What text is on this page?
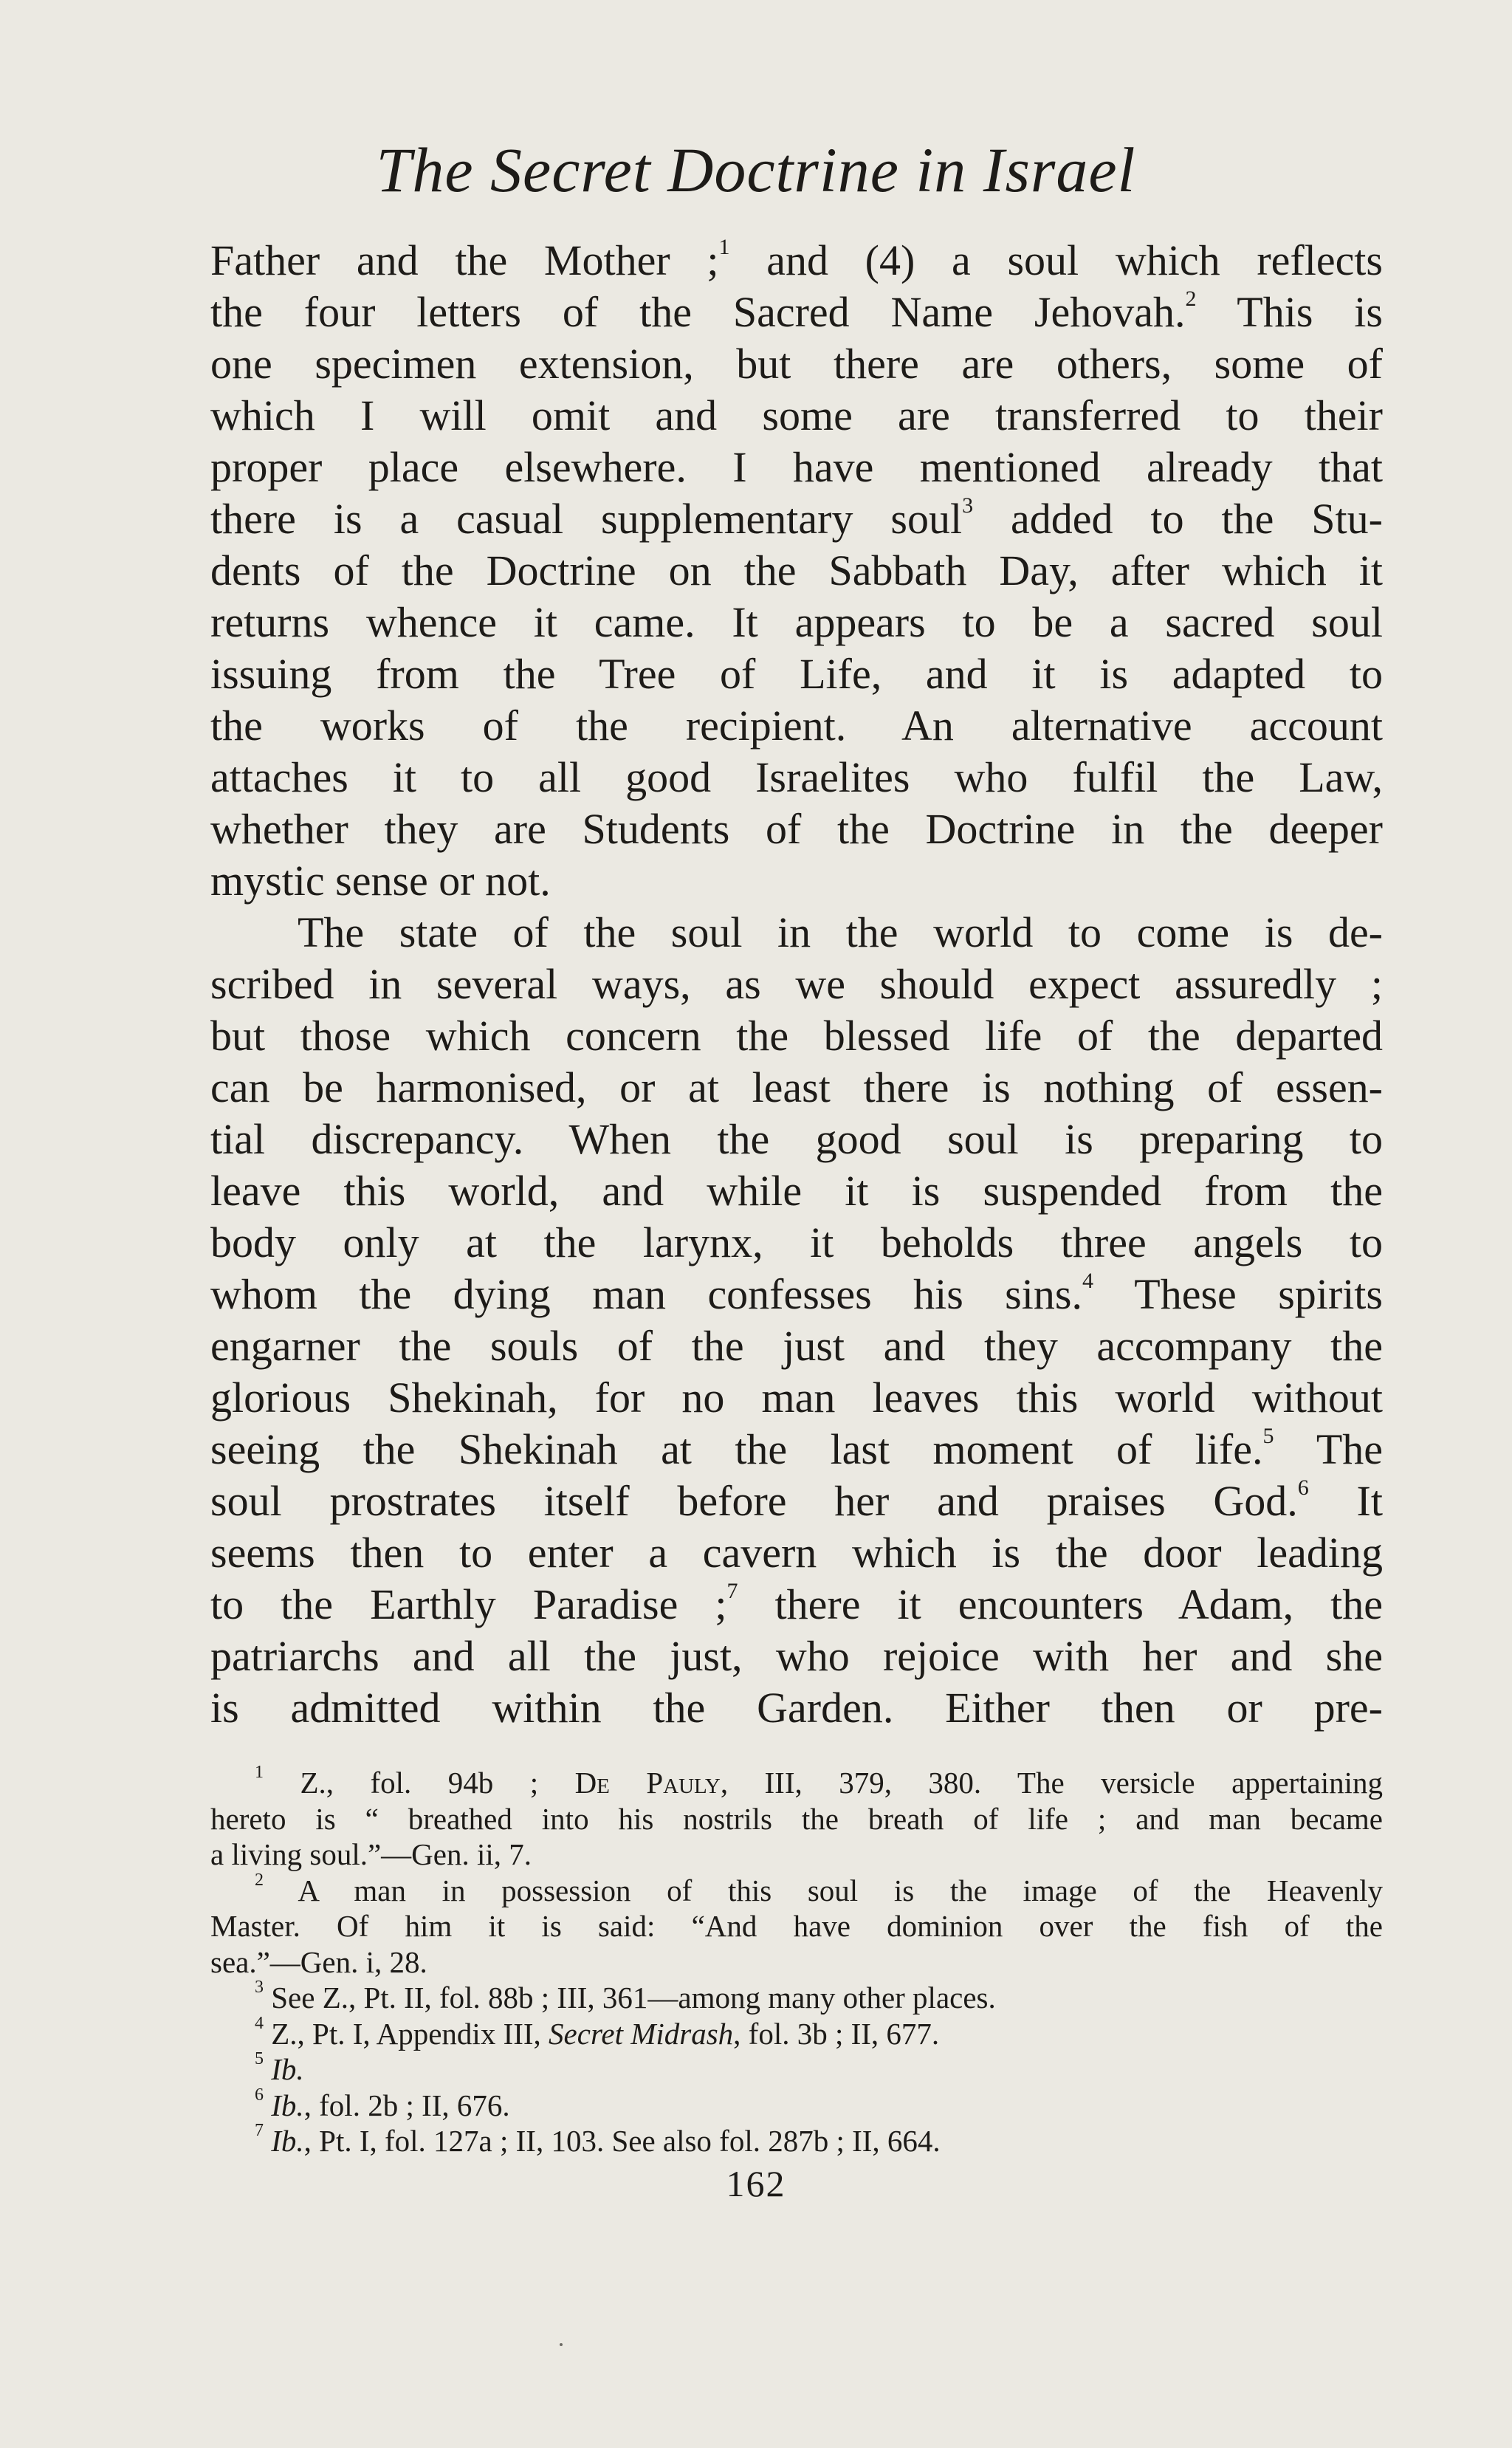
The Secret Doctrine in Israel
Father and the Mother ;$^1$ and (4) a soul which reflects
the four letters of the Sacred Name Jehovah.$^2$ This is
one specimen extension, but there are others, some of
which I will omit and some are transferred to their
proper place elsewhere. I have mentioned already that
there is a casual supplementary soul$^3$ added to the Stu-
dents of the Doctrine on the Sabbath Day, after which it
returns whence it came. It appears to be a sacred soul
issuing from the Tree of Life, and it is adapted to
the works of the recipient. An alternative account
attaches it to all good Israelites who fulfil the Law,
whether they are Students of the Doctrine in the deeper
mystic sense or not.
The state of the soul in the world to come is de-
scribed in several ways, as we should expect assuredly ;
but those which concern the blessed life of the departed
can be harmonised, or at least there is nothing of essen-
tial discrepancy. When the good soul is preparing to
leave this world, and while it is suspended from the
body only at the larynx, it beholds three angels to
whom the dying man confesses his sins.$^4$ These spirits
engarner the souls of the just and they accompany the
glorious Shekinah, for no man leaves this world without
seeing the Shekinah at the last moment of life.$^5$ The
soul prostrates itself before her and praises God.$^6$ It
seems then to enter a cavern which is the door leading
to the Earthly Paradise ;$^7$ there it encounters Adam, the
patriarchs and all the just, who rejoice with her and she
is admitted within the Garden. Either then or pre-
$^1$ Z., fol. 94b ; De Pauly, III, 379, 380. The versicle appertaining
hereto is “ breathed into his nostrils the breath of life ; and man became
a living soul.”—Gen. ii, 7.
$^2$ A man in possession of this soul is the image of the Heavenly
Master. Of him it is said: “And have dominion over the fish of the
sea.”—Gen. i, 28.
$^3$ See Z., Pt. II, fol. 88b ; III, 361—among many other places.
$^4$ Z., Pt. I, Appendix III, Secret Midrash, fol. 3b ; II, 677.
$^5$ Ib.
$^6$ Ib., fol. 2b ; II, 676.
$^7$ Ib., Pt. I, fol. 127a ; II, 103. See also fol. 287b ; II, 664.
162
